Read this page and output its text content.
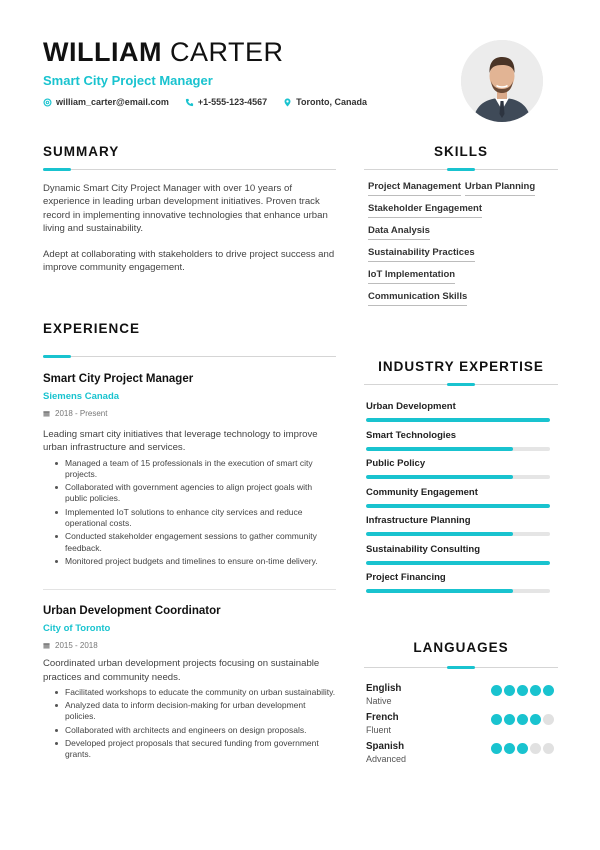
WILLIAM CARTER
Smart City Project Manager
william_carter@email.com	+1-555-123-4567	Toronto, Canada
SUMMARY

Dynamic Smart City Project Manager with over 10 years of experience in leading urban development initiatives. Proven track record in implementing innovative technologies that enhance urban living and sustainability.

Adept at collaborating with stakeholders to drive project success and improve community engagement.

EXPERIENCE
Smart City Project Manager
Siemens Canada
2018 - Present

Leading smart city initiatives that leverage technology to improve urban infrastructure and services.

Managed a team of 15 professionals in the execution of smart city projects.
Collaborated with government agencies to align project goals with public policies.
Implemented IoT solutions to enhance city services and reduce operational costs.
Conducted stakeholder engagement sessions to gather community feedback.
Monitored project budgets and timelines to ensure on-time delivery.
Urban Development Coordinator
City of Toronto
2015 - 2018

Coordinated urban development projects focusing on sustainable practices and community needs.

Facilitated workshops to educate the community on urban sustainability.
Analyzed data to inform decision-making for urban development policies.
Collaborated with architects and engineers on design proposals.
Developed project proposals that secured funding from government grants.
SKILLS
Project Management Urban Planning
Stakeholder Engagement
Data Analysis
Sustainability Practices
IoT Implementation
Communication Skills
INDUSTRY EXPERTISE
Urban Development
Smart Technologies
Public Policy
Community Engagement
Infrastructure Planning
Sustainability Consulting
Project Financing
LANGUAGES
English
Native
French
Fluent
Spanish
Advanced
